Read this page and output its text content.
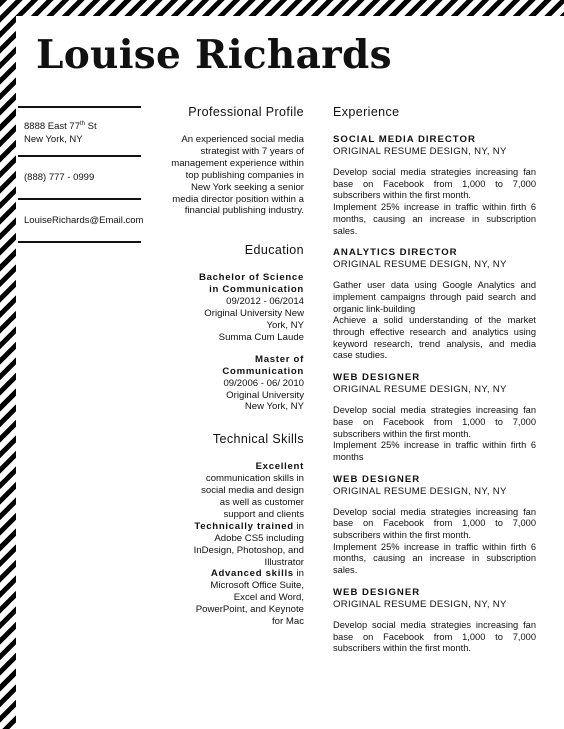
Louise Richards
8888 East 77th St
New York, NY
(888) 777 - 0999
LouiseRichards@Email.com
Professional Profile

An experienced social media strategist with 7 years of management experience within top publishing companies in New York seeking a senior media director position within a financial publishing industry.

Education

Bachelor of Science

in Communication

09/2012 - 06/2014

Original University New

York, NY

Summa Cum Laude

Master of

Communication

09/2006 - 06/ 2010

Original University

New York, NY

Technical Skills

Excellent

communication skills in

social media and design

as well as customer

support and clients

Technically trained in

Adobe CS5 including

InDesign, Photoshop, and

Illustrator

Advanced skills in

Microsoft Office Suite,

Excel and Word,

PowerPoint, and Keynote

for Mac

Experience

SOCIAL MEDIA DIRECTOR

ORIGINAL RESUME DESIGN, NY, NY

Develop social media strategies increasing fan base on Facebook from 1,000 to 7,000 subscribers within the first month.

Implement 25% increase in traffic within firth 6 months, causing an increase in subscription sales.

ANALYTICS DIRECTOR

ORIGINAL RESUME DESIGN, NY, NY

Gather user data using Google Analytics and implement campaigns through paid search and organic link-building

Achieve a solid understanding of the market through effective research and analytics using keyword research, trend analysis, and media case studies.

WEB DESIGNER

ORIGINAL RESUME DESIGN, NY, NY

Develop social media strategies increasing fan base on Facebook from 1,000 to 7,000 subscribers within the first month.

Implement 25% increase in traffic within firth 6 months

WEB DESIGNER

ORIGINAL RESUME DESIGN, NY, NY

Develop social media strategies increasing fan base on Facebook from 1,000 to 7,000 subscribers within the first month.

Implement 25% increase in traffic within firth 6 months, causing an increase in subscription sales.

WEB DESIGNER

ORIGINAL RESUME DESIGN, NY, NY

Develop social media strategies increasing fan base on Facebook from 1,000 to 7,000 subscribers within the first month.
